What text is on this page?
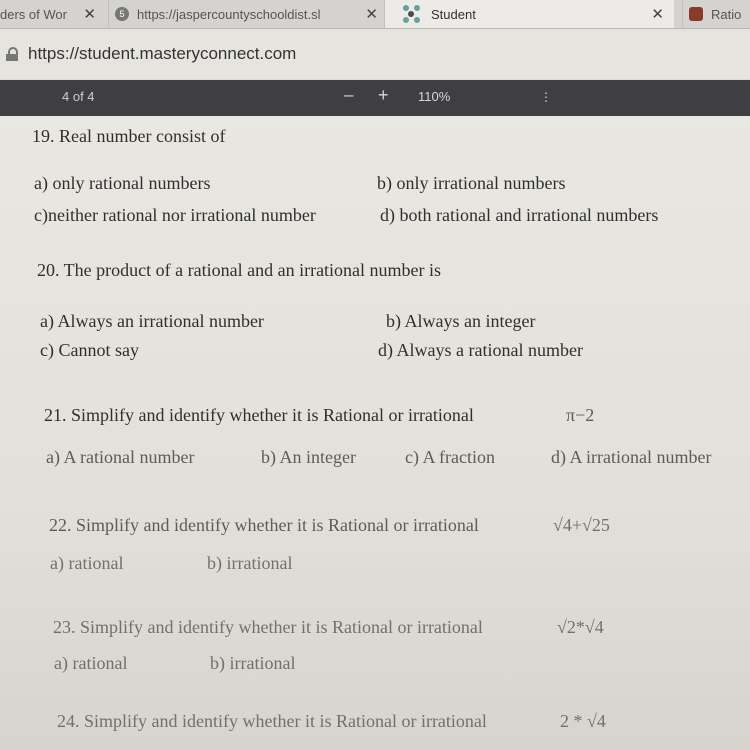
ders of Wor ✕	5 https://jaspercountyschooldist.sl	✕	Student	✕	Ratio
https://student.masteryconnect.com
4 of 4	– + 110%	⋮
19. Real number consist of
a) only rational numbers	b) only irrational numbers
c)neither rational nor irrational number	d) both rational and irrational numbers
20. The product of a rational and an irrational number is
a) Always an irrational number	b) Always an integer
c) Cannot say	d) Always a rational number
21. Simplify and identify whether it is Rational or irrational	π−2
a) A rational number	b) An integer	c) A fraction	d) A irrational number
22. Simplify and identify whether it is Rational or irrational	√4+√25
a) rational	b) irrational
23. Simplify and identify whether it is Rational or irrational	√2*√4
a) rational	b) irrational
24. Simplify and identify whether it is Rational or irrational	2 * √4
